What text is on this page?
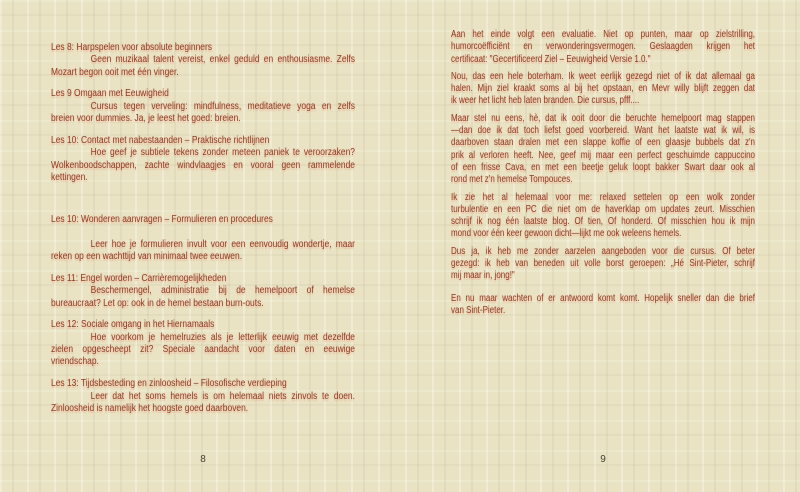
Les 8: Harpspelen voor absolute beginners
Geen muzikaal talent vereist, enkel geduld en enthousiasme. Zelfs
Mozart begon ooit met één vinger.
Les 9 Omgaan met Eeuwigheid
Cursus tegen verveling: mindfulness, meditatieve yoga en zelfs
breien voor dummies. Ja, je leest het goed: breien.
Les 10: Contact met nabestaanden – Praktische richtlijnen
Hoe geef je subtiele tekens zonder meteen paniek te veroorzaken?
Wolkenboodschappen, zachte windvlaagjes en vooral geen rammelende
kettingen.
Les 10: Wonderen aanvragen – Formulieren en procedures
Leer hoe je formulieren invult voor een eenvoudig wondertje, maar
reken op een wachttijd van minimaal twee eeuwen.
Les 11: Engel worden – Carrièremogelijkheden
Beschermengel, administratie bij de hemelpoort of hemelse
bureaucraat? Let op: ook in de hemel bestaan burn-outs.
Les 12: Sociale omgang in het Hiernamaals
Hoe voorkom je hemelruzies als je letterlijk eeuwig met dezelfde
zielen opgescheept zit? Speciale aandacht voor daten en eeuwige
vriendschap.
Les 13: Tijdsbesteding en zinloosheid – Filosofische verdieping
Leer dat het soms hemels is om helemaal niets zinvols te doen.
Zinloosheid is namelijk het hoogste goed daarboven.
Aan het einde volgt een evaluatie. Niet op punten, maar op zielstrilling,
humorcoëfficiënt en verwonderingsvermogen. Geslaagden krijgen het
certificaat: "Gecertificeerd Ziel – Eeuwigheid Versie 1.0."
Nou, das een hele boterham. Ik weet eerlijk gezegd niet of ik dat allemaal ga
halen. Mijn ziel kraakt soms al bij het opstaan, en Mevr willy blijft zeggen dat
ik weer het licht heb laten branden. Die cursus, pfff....
Maar stel nu eens, hè, dat ik ooit door die beruchte hemelpoort mag stappen
—dan doe ik dat toch liefst goed voorbereid. Want het laatste wat ik wil, is
daarboven staan dralen met een slappe koffie of een glaasje bubbels dat z'n
prik al verloren heeft. Nee, geef mij maar een perfect geschuimde cappuccino
of een frisse Cava, en met een beetje geluk loopt bakker Swart daar ook al
rond met z'n hemelse Tompouces.
Ik zie het al helemaal voor me: relaxed settelen op een wolk zonder
turbulentie en een PC die niet om de haverklap om updates zeurt. Misschien
schrijf ik nog één laatste blog. Of tien, Of honderd. Of misschien hou ik mijn
mond voor één keer gewoon dicht—lijkt me ook weleens hemels.
Dus ja, ik heb me zonder aarzelen aangeboden voor die cursus. Of beter
gezegd: ik heb van beneden uit volle borst geroepen: „Hé Sint-Pieter, schrijf
mij maar in, jong!"
En nu maar wachten of er antwoord komt komt. Hopelijk sneller dan die brief
van Sint-Pieter.
8	9
